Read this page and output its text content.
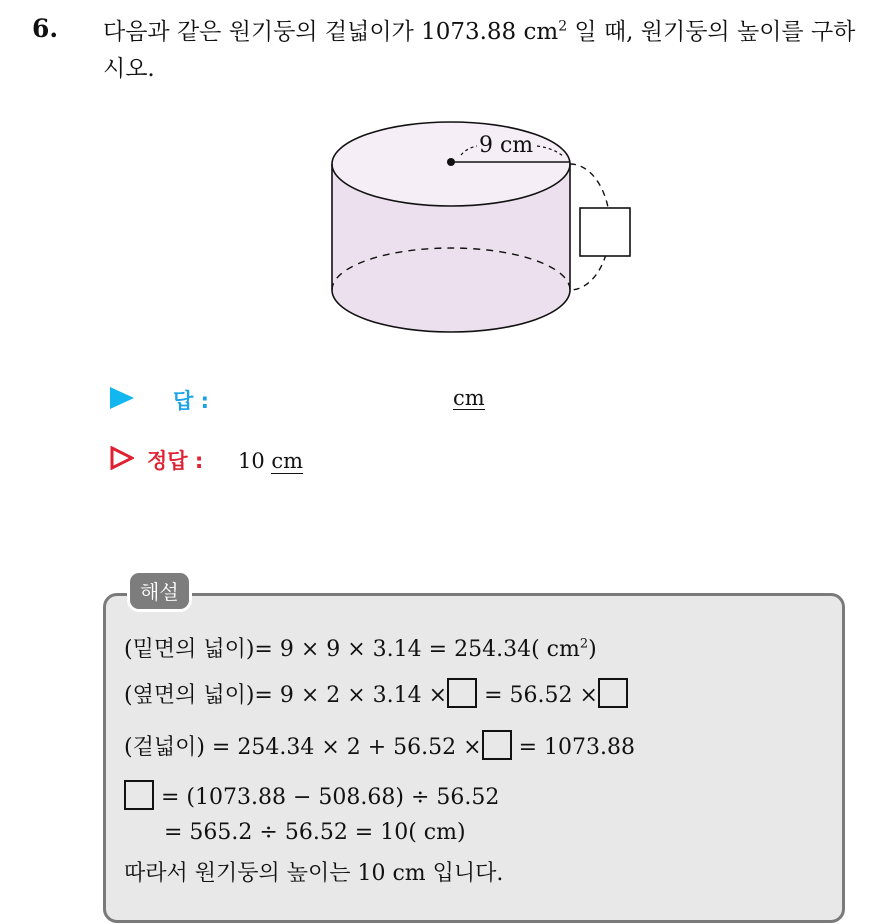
6. 다음과 같은 원기둥의 겉넓이가 1073.88 $cm^2$ 일 때, 원기둥의 높이를 구하시오.
9 cm
답 :	cm
정답 : 10 cm
해설
(밑면의 넓이)= 9 × 9 × 3.14 = 254.34( $cm^2$)
(옆면의 넓이)= 9 × 2 × 3.14 × = 56.52 ×
(겉넓이) = 254.34 × 2 + 56.52 × = 1073.88
= (1073.88 − 508.68) ÷ 56.52
= 565.2 ÷ 56.52 = 10( cm)
따라서 원기둥의 높이는 10 cm 입니다.
